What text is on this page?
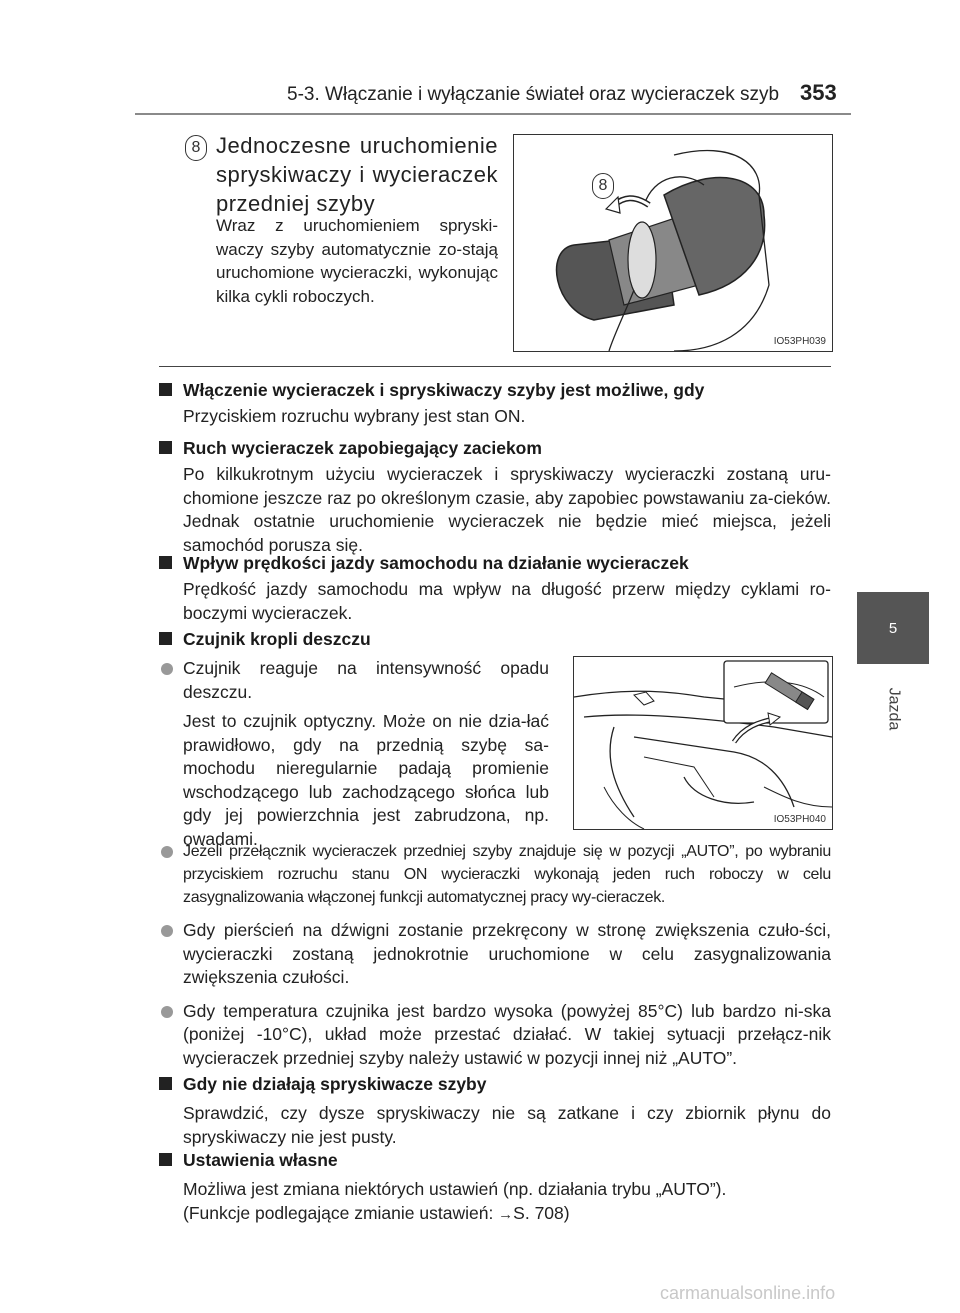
5-3. Włączanie i wyłączanie świateł oraz wycieraczek szyb 353
5
Jazda
8 Jednoczesne uruchomienie spryskiwaczy i wycieraczek przedniej szyby
Wraz z uruchomieniem spryski-waczy szyby automatycznie zo-stają uruchomione wycieraczki, wykonując kilka cykli roboczych.
8
IO53PH039
Włączenie wycieraczek i spryskiwaczy szyby jest możliwe, gdy
Przyciskiem rozruchu wybrany jest stan ON.
Ruch wycieraczek zapobiegający zaciekom
Po kilkukrotnym użyciu wycieraczek i spryskiwaczy wycieraczki zostaną uru-chomione jeszcze raz po określonym czasie, aby zapobiec powstawaniu za-cieków. Jednak ostatnie uruchomienie wycieraczek nie będzie mieć miejsca, jeżeli samochód porusza się.
Wpływ prędkości jazdy samochodu na działanie wycieraczek
Prędkość jazdy samochodu ma wpływ na długość przerw między cyklami ro-boczymi wycieraczek.
Czujnik kropli deszczu
Czujnik reaguje na intensywność opadu deszczu.
Jest to czujnik optyczny. Może on nie dzia-łać prawidłowo, gdy na przednią szybę sa-mochodu nieregularnie padają promienie wschodzącego lub zachodzącego słońca lub gdy jej powierzchnia jest zabrudzona, np. owadami.
IO53PH040
Jeżeli przełącznik wycieraczek przedniej szyby znajduje się w pozycji „AUTO”, po wybraniu przyciskiem rozruchu stanu ON wycieraczki wykonają jeden ruch roboczy w celu zasygnalizowania włączonej funkcji automatycznej pracy wy-cieraczek.
Gdy pierścień na dźwigni zostanie przekręcony w stronę zwiększenia czuło-ści, wycieraczki zostaną jednokrotnie uruchomione w celu zasygnalizowania zwiększenia czułości.
Gdy temperatura czujnika jest bardzo wysoka (powyżej 85°C) lub bardzo ni-ska (poniżej -10°C), układ może przestać działać. W takiej sytuacji przełącz-nik wycieraczek przedniej szyby należy ustawić w pozycji innej niż „AUTO”.
Gdy nie działają spryskiwacze szyby
Sprawdzić, czy dysze spryskiwaczy nie są zatkane i czy zbiornik płynu do spryskiwaczy nie jest pusty.
Ustawienia własne
Możliwa jest zmiana niektórych ustawień (np. działania trybu „AUTO”).
(Funkcje podlegające zmianie ustawień: →S. 708)
carmanualsonline.info
